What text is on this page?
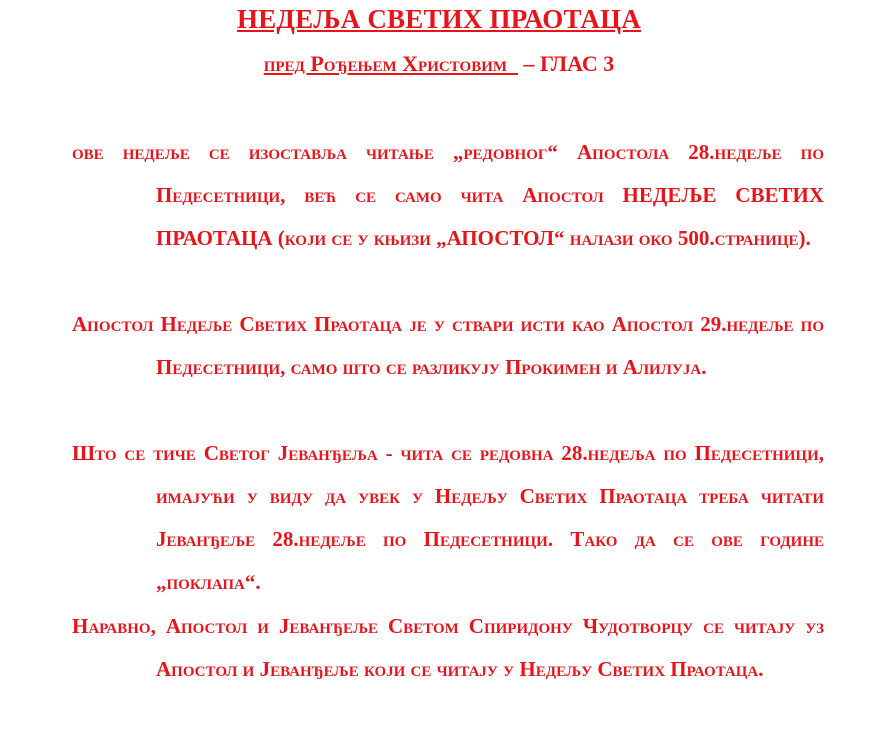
НЕДЕЉА СВЕТИХ ПРАОТАЦА
пред Рођењем Христовим   – ГЛАС 3
ове недеље се изоставља читање „редовног“ Апостола 28.недеље по Педесетници, већ се само чита Апостол НЕДЕЉЕ СВЕТИХ ПРАОТАЦА (који се у књизи „АПОСТОЛ“ налази око 500.странице).
Апостол Недеље Светих Праотаца је у ствари исти као Апостол 29.недеље по Педесетници, само што се разликују Прокимен и Алилуја.
Што се тиче Светог Јеванђеља - чита се редовна 28.недеља по Педесетници, имајући у виду да увек у Недељу Светих Праотаца треба читати Јеванђеље 28.недеље по Педесетници. Тако да се ове године „поклапа“.
Наравно, Апостол и Јеванђеље Светом Спиридону Чудотворцу се читају уз Апостол и Јеванђеље који се читају у Недељу Светих Праотаца.
